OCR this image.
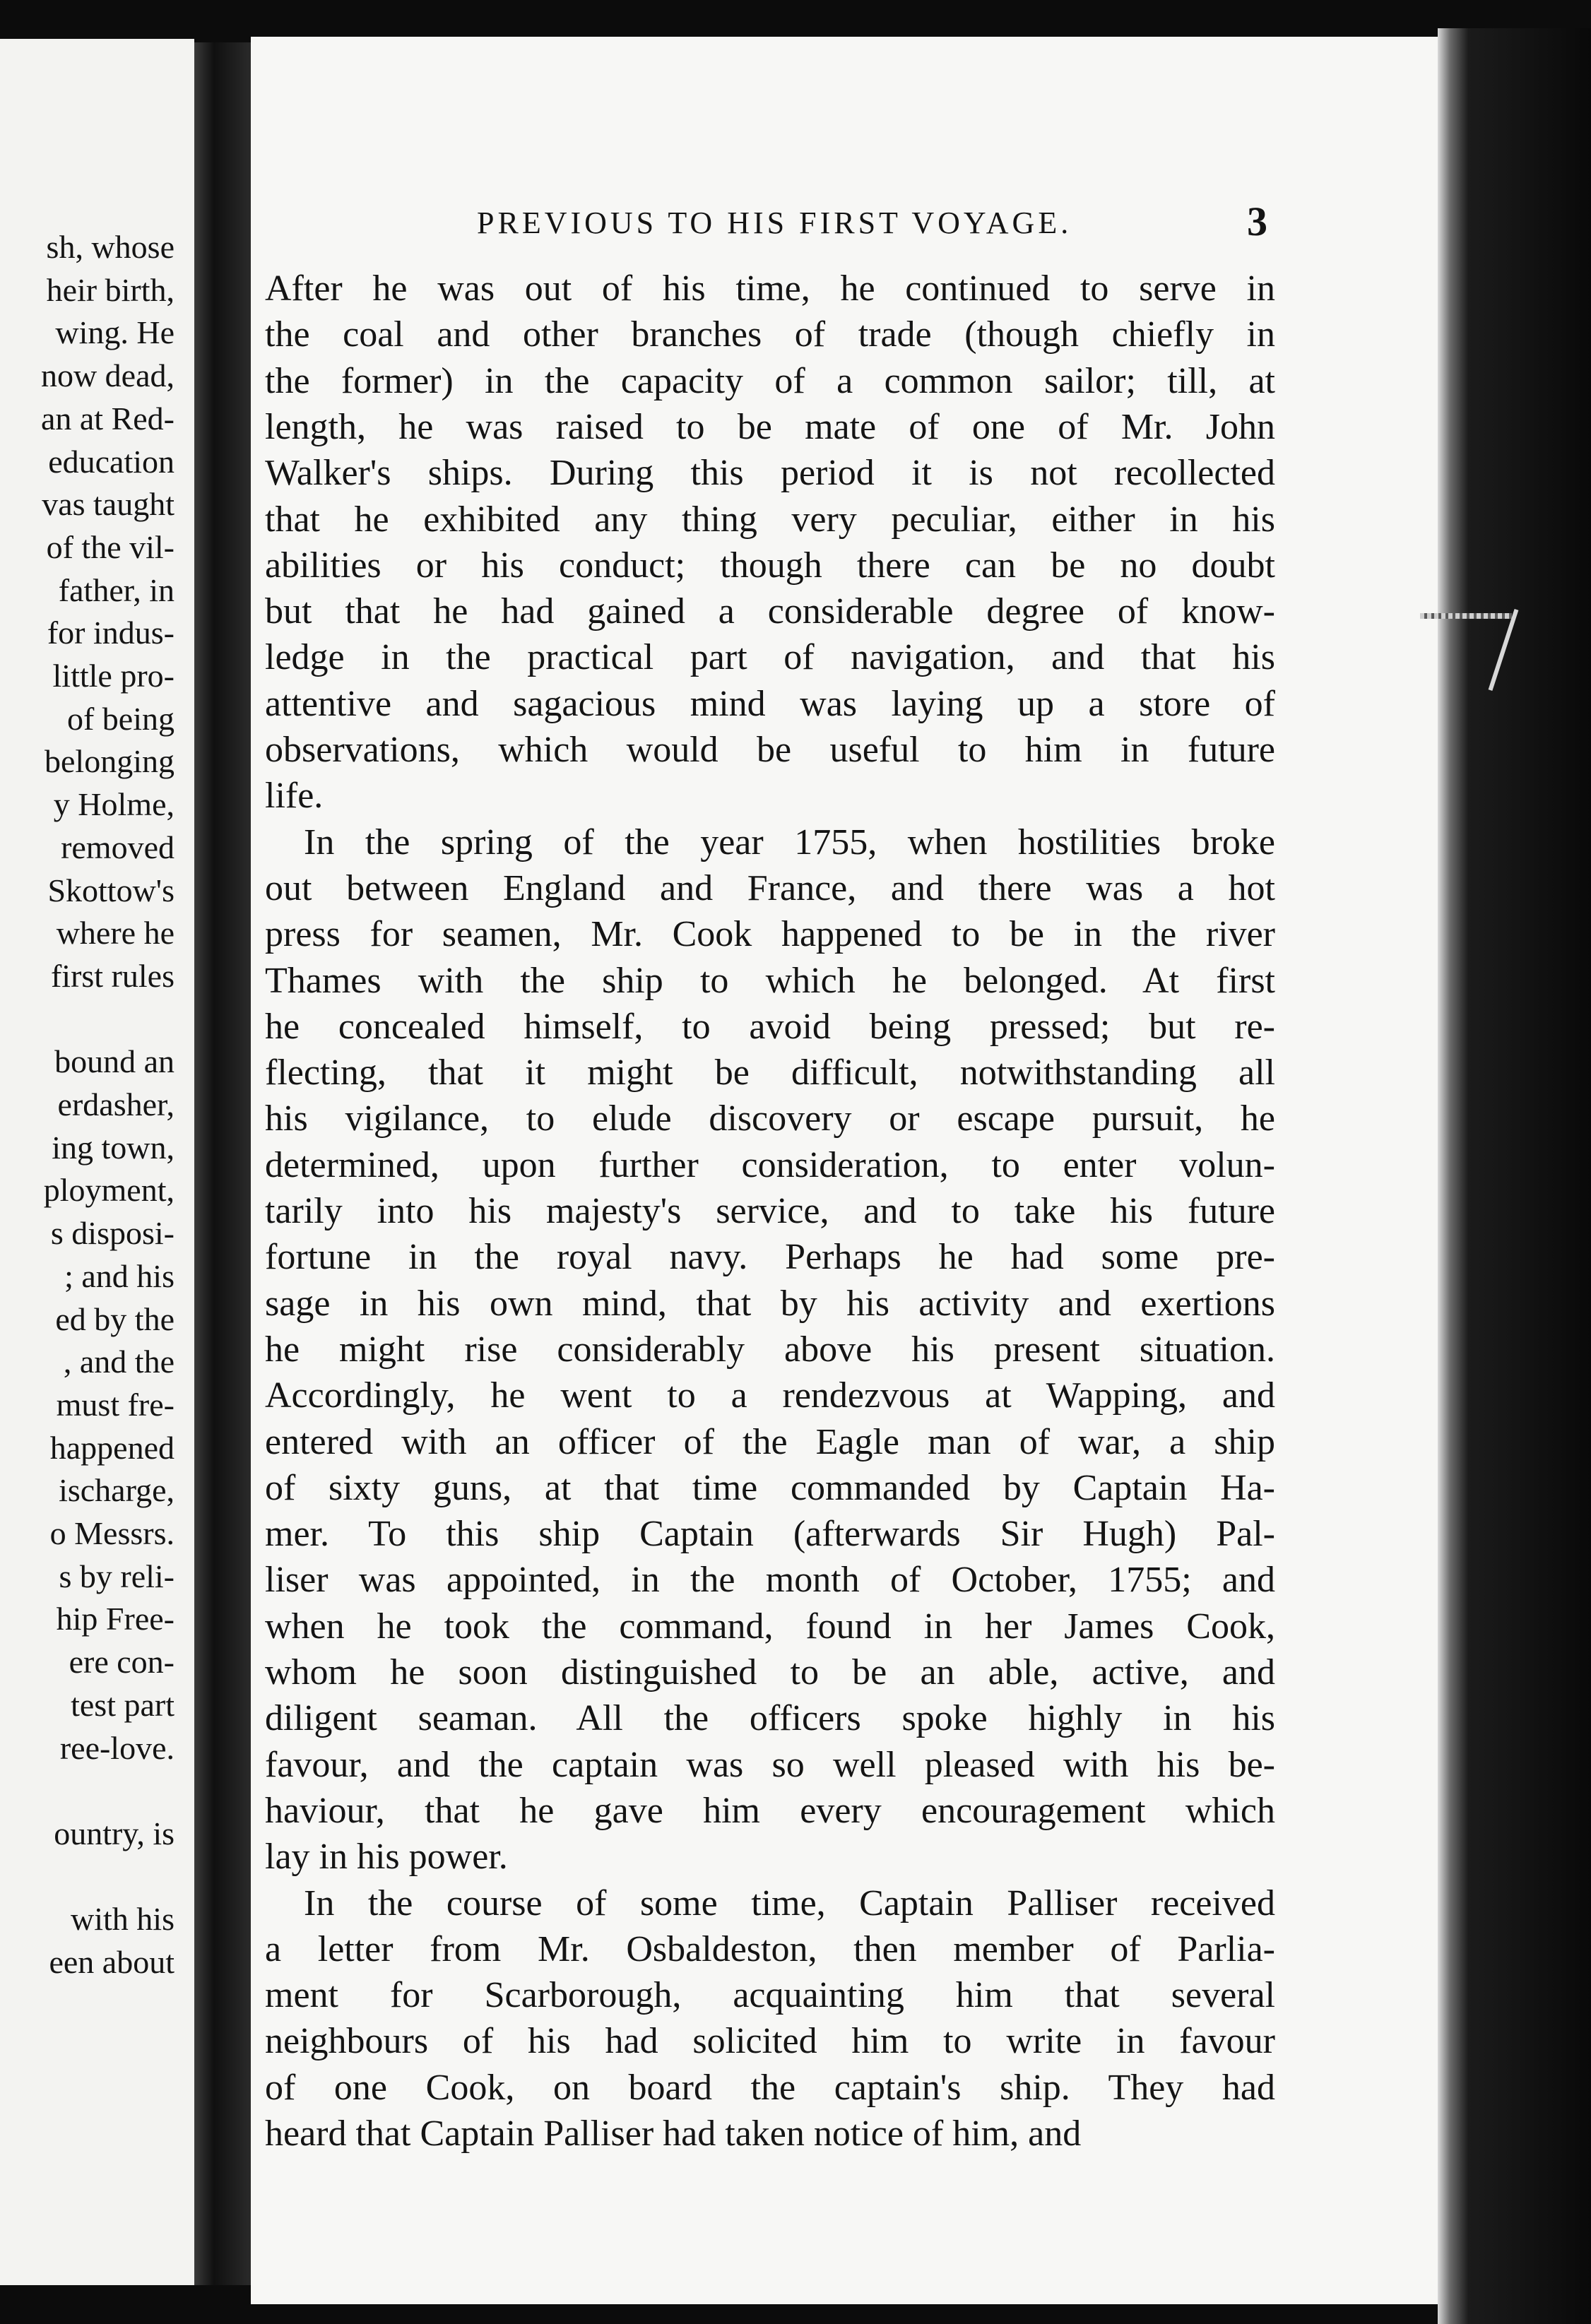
sh, whose
heir birth,
wing. He
now dead,
an at Red-
education
vas taught
of the vil-
father, in
for indus-
little pro-
of being
belonging
y Holme,
removed
Skottow's
where he
first rules
bound an
erdasher,
ing town,
ployment,
s disposi-
; and his
ed by the
, and the
must fre-
happened
ischarge,
o Messrs.
s by reli-
hip Free-
ere con-
test part
ree-love.
ountry, is
with his
een about
PREVIOUS TO HIS FIRST VOYAGE.	3
After he was out of his time, he continued to serve in
the coal and other branches of trade (though chiefly in
the former) in the capacity of a common sailor; till, at
length, he was raised to be mate of one of Mr. John
Walker's ships. During this period it is not recollected
that he exhibited any thing very peculiar, either in his
abilities or his conduct; though there can be no doubt
but that he had gained a considerable degree of know-
ledge in the practical part of navigation, and that his
attentive and sagacious mind was laying up a store of
observations, which would be useful to him in future
life.
In the spring of the year 1755, when hostilities broke
out between England and France, and there was a hot
press for seamen, Mr. Cook happened to be in the river
Thames with the ship to which he belonged. At first
he concealed himself, to avoid being pressed; but re-
flecting, that it might be difficult, notwithstanding all
his vigilance, to elude discovery or escape pursuit, he
determined, upon further consideration, to enter volun-
tarily into his majesty's service, and to take his future
fortune in the royal navy. Perhaps he had some pre-
sage in his own mind, that by his activity and exertions
he might rise considerably above his present situation.
Accordingly, he went to a rendezvous at Wapping, and
entered with an officer of the Eagle man of war, a ship
of sixty guns, at that time commanded by Captain Ha-
mer. To this ship Captain (afterwards Sir Hugh) Pal-
liser was appointed, in the month of October, 1755; and
when he took the command, found in her James Cook,
whom he soon distinguished to be an able, active, and
diligent seaman. All the officers spoke highly in his
favour, and the captain was so well pleased with his be-
haviour, that he gave him every encouragement which
lay in his power.
In the course of some time, Captain Palliser received
a letter from Mr. Osbaldeston, then member of Parlia-
ment for Scarborough, acquainting him that several
neighbours of his had solicited him to write in favour
of one Cook, on board the captain's ship. They had
heard that Captain Palliser had taken notice of him, and
